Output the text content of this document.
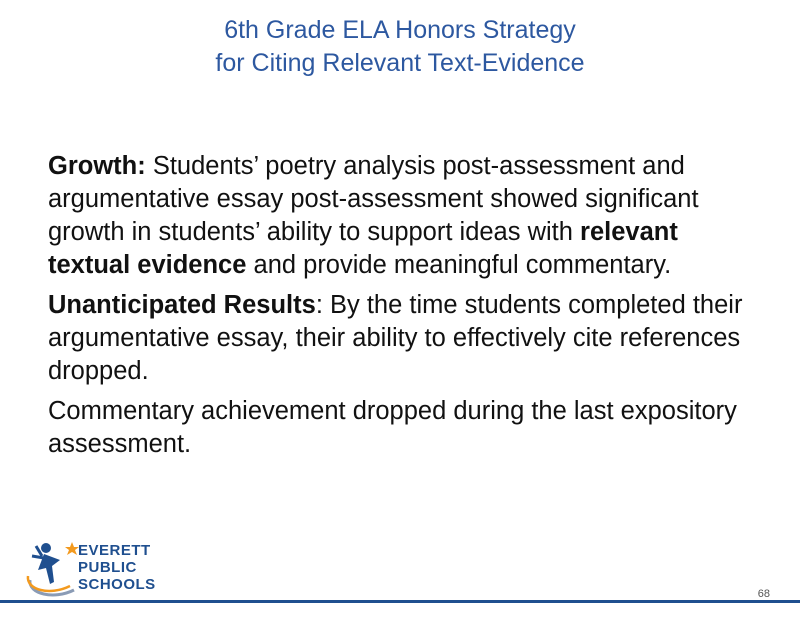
6th Grade ELA Honors Strategy
for Citing Relevant Text-Evidence

Growth: Students’ poetry analysis post-assessment and argumentative essay post-assessment showed significant growth in students’ ability to support ideas with relevant textual evidence and provide meaningful commentary.

Unanticipated Results: By the time students completed their argumentative essay, their ability to effectively cite references dropped.

Commentary achievement dropped during the last expository assessment.

EVERETT
PUBLIC
SCHOOLS
68
